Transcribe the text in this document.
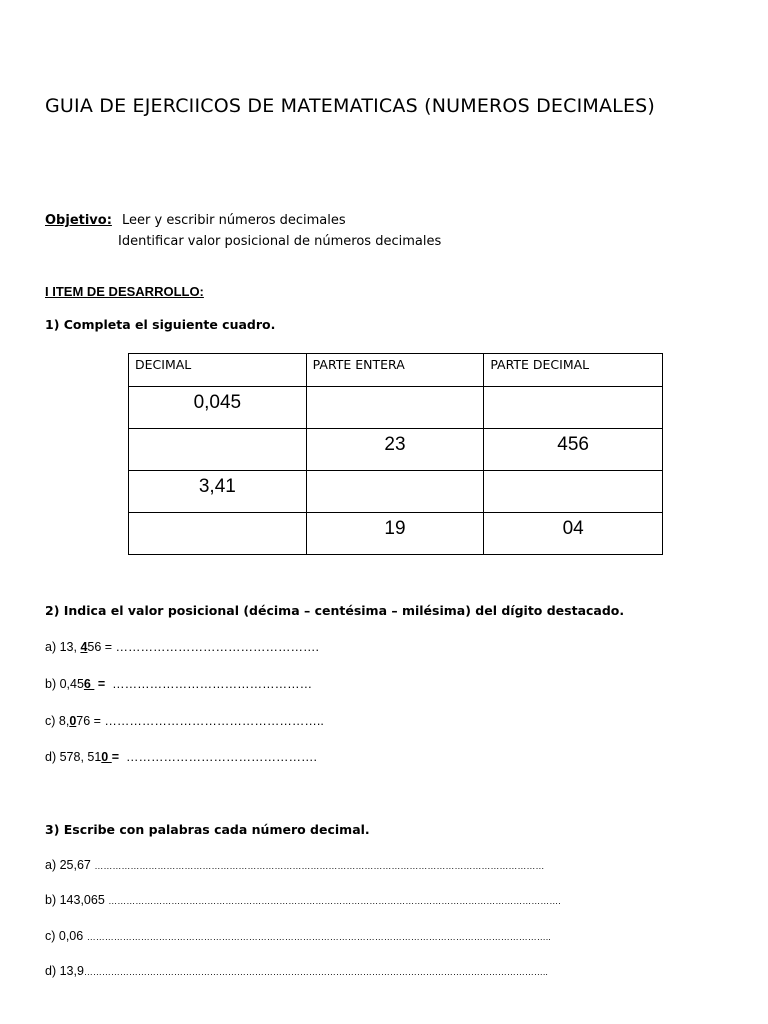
GUIA DE EJERCIICOS DE MATEMATICAS (NUMEROS DECIMALES)
Objetivo: Leer y escribir números decimales
Identificar valor posicional de números decimales
I ITEM DE DESARROLLO:
1) Completa el siguiente cuadro.
DECIMAL	PARTE ENTERA	PARTE DECIMAL
0,045		
	23	456
3,41		
	19	04
2) Indica el valor posicional (décima – centésima – milésima) del dígito destacado.
a) 13, 456 = ………………………………………….
b) 0,456  =  …………………………………………
c) 8,076 = ……………………………………………..
d) 578, 510 =  ……………………………………….
3) Escribe con palabras cada número decimal.
a) 25,67 ……………………………………………………………………………………………………………………………………
b) 143,065 …………………………………………………………………………………………………………………………………….
c) 0,06 ………………………………………………………………………………………………………………………………………..
d) 13,9………………………………………………………………………………………………………………………………………..
